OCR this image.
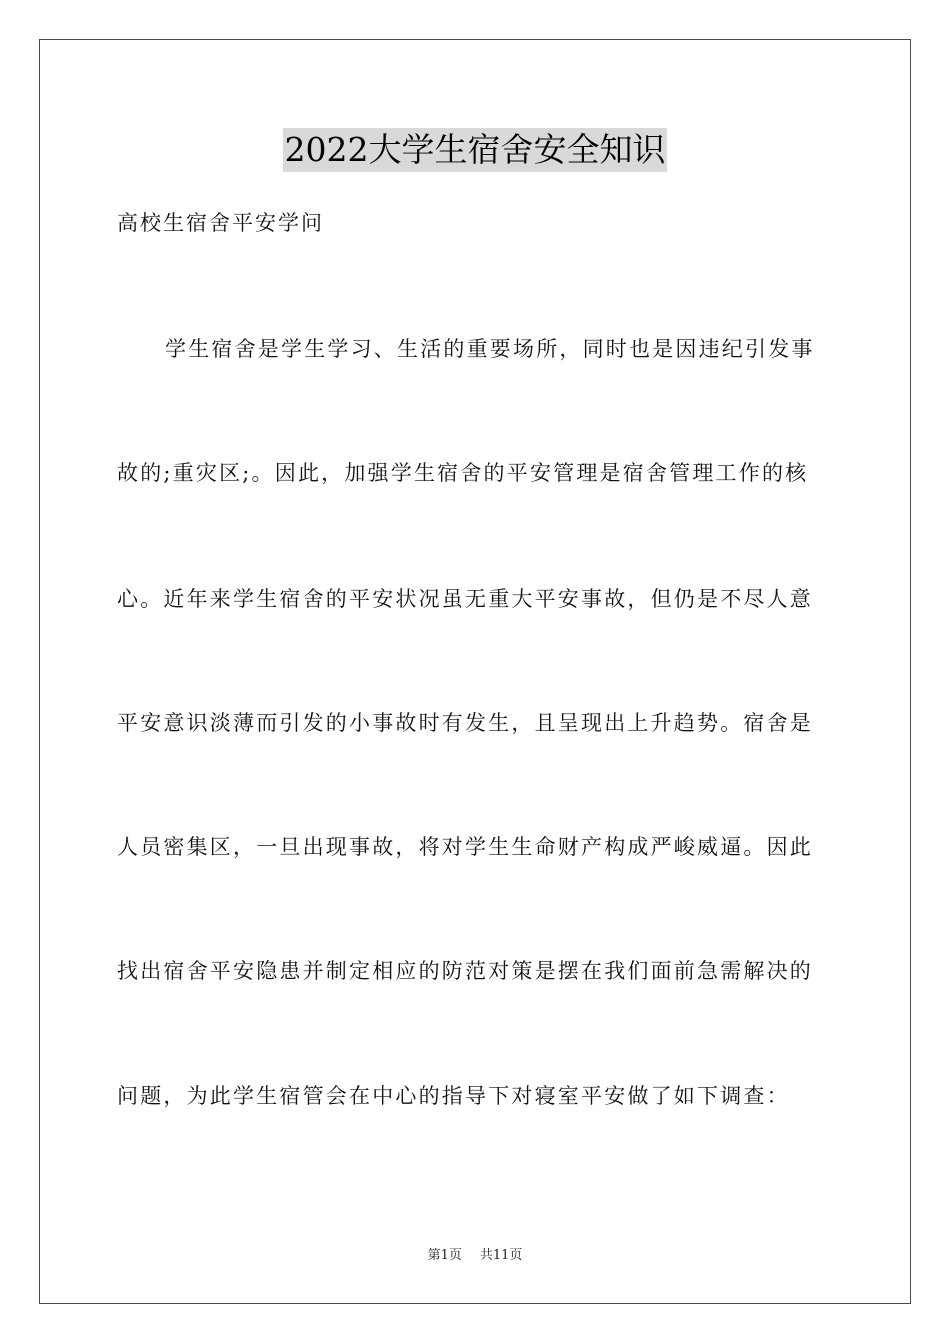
2022大学生宿舍安全知识
高校生宿舍平安学问
学生宿舍是学生学习、生活的重要场所，同时也是因违纪引发事
故的;重灾区;。因此，加强学生宿舍的平安管理是宿舍管理工作的核
心。近年来学生宿舍的平安状况虽无重大平安事故，但仍是不尽人意
平安意识淡薄而引发的小事故时有发生，且呈现出上升趋势。宿舍是
人员密集区，一旦出现事故，将对学生生命财产构成严峻威逼。因此
找出宿舍平安隐患并制定相应的防范对策是摆在我们面前急需解决的
问题，为此学生宿管会在中心的指导下对寝室平安做了如下调查：
第1页 共11页
